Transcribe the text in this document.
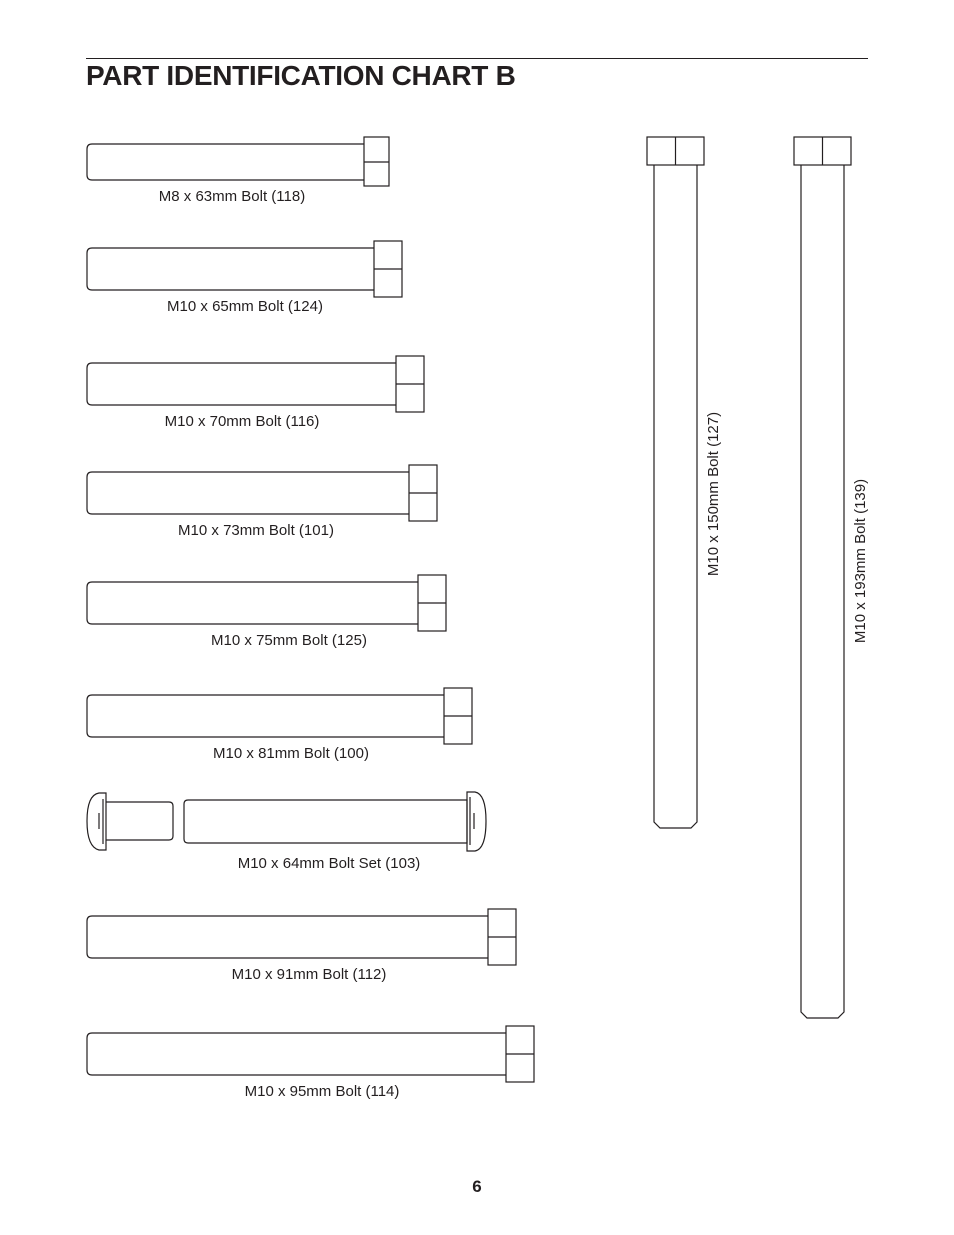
PART IDENTIFICATION CHART B
M8 x 63mm Bolt (118)
M10 x 65mm Bolt (124)
M10 x 70mm Bolt (116)
M10 x 73mm Bolt (101)
M10 x 75mm Bolt (125)
M10 x 81mm Bolt (100)
M10 x 64mm Bolt Set (103)
M10 x 91mm Bolt (112)
M10 x 95mm Bolt (114)
M10 x 150mm Bolt (127)	M10 x 193mm Bolt (139)
6
